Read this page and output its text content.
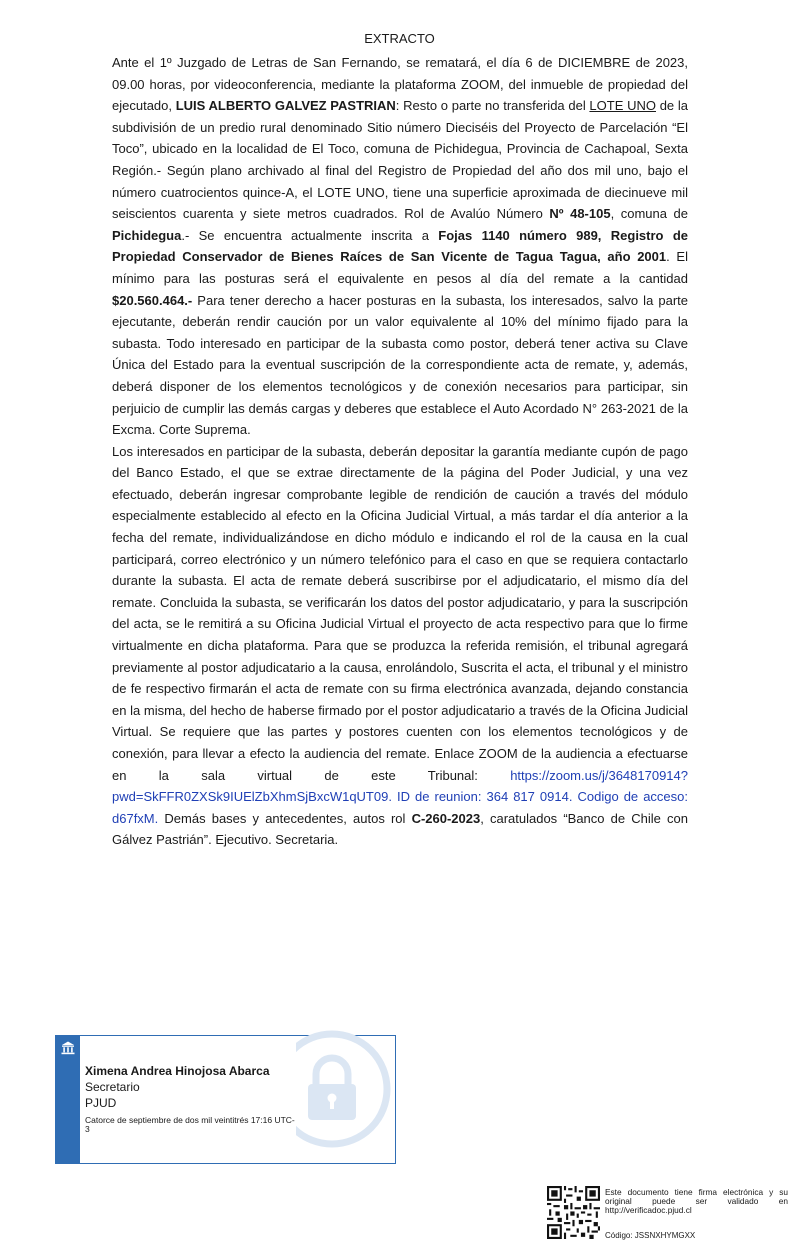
EXTRACTO

Ante el 1º Juzgado de Letras de San Fernando, se rematará, el día 6 de DICIEMBRE de 2023, 09.00 horas, por videoconferencia, mediante la plataforma ZOOM, del inmueble de propiedad del ejecutado, LUIS ALBERTO GALVEZ PASTRIAN: Resto o parte no transferida del LOTE UNO de la subdivisión de un predio rural denominado Sitio número Dieciséis del Proyecto de Parcelación “El Toco”, ubicado en la localidad de El Toco, comuna de Pichidegua, Provincia de Cachapoal, Sexta Región.- Según plano archivado al final del Registro de Propiedad del año dos mil uno, bajo el número cuatrocientos quince-A, el LOTE UNO, tiene una superficie aproximada de diecinueve mil seiscientos cuarenta y siete metros cuadrados. Rol de Avalúo Número Nº 48-105, comuna de Pichidegua.- Se encuentra actualmente inscrita a Fojas 1140 número 989, Registro de Propiedad Conservador de Bienes Raíces de San Vicente de Tagua Tagua, año 2001. El mínimo para las posturas será el equivalente en pesos al día del remate a la cantidad $20.560.464.- Para tener derecho a hacer posturas en la subasta, los interesados, salvo la parte ejecutante, deberán rendir caución por un valor equivalente al 10% del mínimo fijado para la subasta. Todo interesado en participar de la subasta como postor, deberá tener activa su Clave Única del Estado para la eventual suscripción de la correspondiente acta de remate, y, además, deberá disponer de los elementos tecnológicos y de conexión necesarios para participar, sin perjuicio de cumplir las demás cargas y deberes que establece el Auto Acordado N° 263-2021 de la Excma. Corte Suprema.

Los interesados en participar de la subasta, deberán depositar la garantía mediante cupón de pago del Banco Estado, el que se extrae directamente de la página del Poder Judicial, y una vez efectuado, deberán ingresar comprobante legible de rendición de caución a través del módulo especialmente establecido al efecto en la Oficina Judicial Virtual, a más tardar el día anterior a la fecha del remate, individualizándose en dicho módulo e indicando el rol de la causa en la cual participará, correo electrónico y un número telefónico para el caso en que se requiera contactarlo durante la subasta. El acta de remate deberá suscribirse por el adjudicatario, el mismo día del remate. Concluida la subasta, se verificarán los datos del postor adjudicatario, y para la suscripción del acta, se le remitirá a su Oficina Judicial Virtual el proyecto de acta respectivo para que lo firme virtualmente en dicha plataforma. Para que se produzca la referida remisión, el tribunal agregará previamente al postor adjudicatario a la causa, enrolándolo, Suscrita el acta, el tribunal y el ministro de fe respectivo firmarán el acta de remate con su firma electrónica avanzada, dejando constancia en la misma, del hecho de haberse firmado por el postor adjudicatario a través de la Oficina Judicial Virtual. Se requiere que las partes y postores cuenten con los elementos tecnológicos y de conexión, para llevar a efecto la audiencia del remate. Enlace ZOOM de la audiencia a efectuarse en la sala virtual de este Tribunal: https://zoom.us/j/3648170914?pwd=SkFFR0ZXSk9IUElZbXhmSjBxcW1qUT09. ID de reunion: 364 817 0914. Codigo de acceso: d67fxM. Demás bases y antecedentes, autos rol C-260-2023, caratulados “Banco de Chile con Gálvez Pastrián”. Ejecutivo. Secretaria.

Ximena Andrea Hinojosa Abarca
Secretario
PJUD
Catorce de septiembre de dos mil veintitrés 17:16 UTC-3
Este documento tiene firma electrónica y su original puede ser validado en http://verificadoc.pjud.cl
Código: JSSNXHYMGXX
